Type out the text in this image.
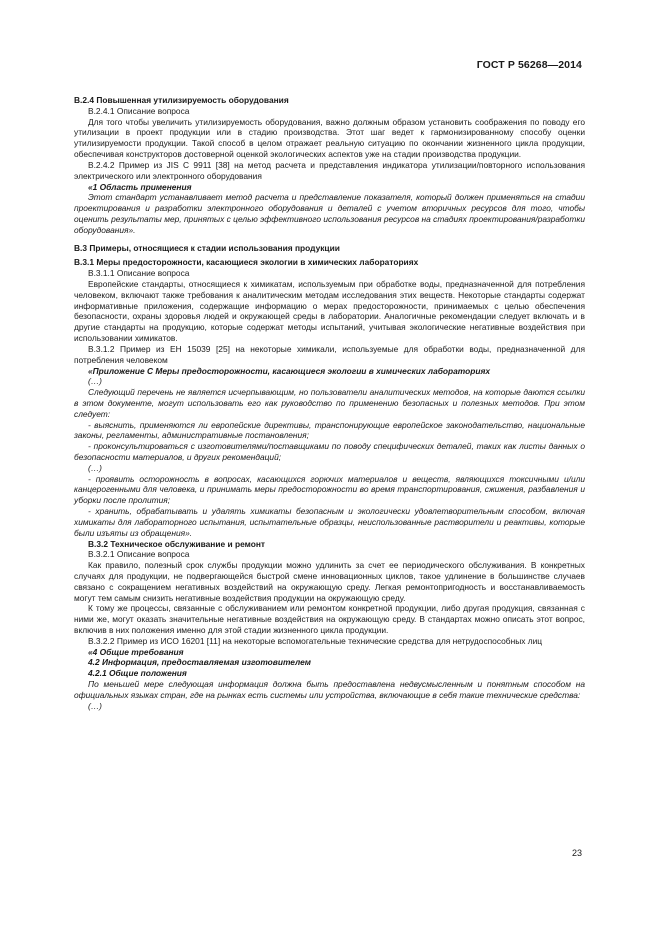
ГОСТ Р 56268—2014

В.2.4 Повышенная утилизируемость оборудования

В.2.4.1 Описание вопроса

Для того чтобы увеличить утилизируемость оборудования, важно должным образом установить соображения по поводу его утилизации в проект продукции или в стадию производства. Этот шаг ведет к гармонизированному способу оценки утилизируемости продукции. Такой способ в целом отражает реальную ситуацию по окончании жизненного цикла продукции, обеспечивая конструкторов достоверной оценкой экологических аспектов уже на стадии производства продукции.

В.2.4.2 Пример из JIS C 9911 [38] на метод расчета и представления индикатора утилизации/повторного использования электрического или электронного оборудования

«1 Область применения

Этот стандарт устанавливает метод расчета и представление показателя, который должен применяться на стадии проектирования и разработки электронного оборудования и деталей с учетом вторичных ресурсов для того, чтобы оценить результаты мер, принятых с целью эффективного использования ресурсов на стадиях проектирования/разработки оборудования».

В.3 Примеры, относящиеся к стадии использования продукции

В.3.1 Меры предосторожности, касающиеся экологии в химических лабораториях

В.3.1.1 Описание вопроса

Европейские стандарты, относящиеся к химикатам, используемым при обработке воды, предназначенной для потребления человеком, включают также требования к аналитическим методам исследования этих веществ. Некоторые стандарты содержат информативные приложения, содержащие информацию о мерах предосторожности, принимаемых с целью обеспечения безопасности, охраны здоровья людей и окружающей среды в лаборатории. Аналогичные рекомендации следует включать и в другие стандарты на продукцию, которые содержат методы испытаний, учитывая экологические негативные воздействия при использовании химикатов.

В.3.1.2 Пример из ЕН 15039 [25] на некоторые химикали, используемые для обработки воды, предназначенной для потребления человеком

«Приложение С Меры предосторожности, касающиеся экологии в химических лабораториях

(…)

Следующий перечень не является исчерпывающим, но пользователи аналитических методов, на которые даются ссылки в этом документе, могут использовать его как руководство по применению безопасных и полезных методов. При этом следует:

- выяснить, применяются ли европейские директивы, транспонирующие европейское законодательство, национальные законы, регламенты, административные постановления;

- проконсультироваться с изготовителями/поставщиками по поводу специфических деталей, таких как листы данных о безопасности материалов, и других рекомендаций;

(…)

- проявить осторожность в вопросах, касающихся горючих материалов и веществ, являющихся токсичными и/или канцерогенными для человека, и принимать меры предосторожности во время транспортирования, сжижения, разбавления и уборки после пролития;

- хранить, обрабатывать и удалять химикаты безопасным и экологически удовлетворительным способом, включая химикаты для лабораторного испытания, испытательные образцы, неиспользованные растворители и реактивы, которые были изъяты из обращения».

В.3.2 Техническое обслуживание и ремонт

В.3.2.1 Описание вопроса

Как правило, полезный срок службы продукции можно удлинить за счет ее периодического обслуживания. В конкретных случаях для продукции, не подвергающейся быстрой смене инновационных циклов, такое удлинение в большинстве случаев связано с сокращением негативных воздействий на окружающую среду. Легкая ремонтопригодность и восстанавливаемость могут тем самым снизить негативные воздействия продукции на окружающую среду.

К тому же процессы, связанные с обслуживанием или ремонтом конкретной продукции, либо другая продукция, связанная с ними же, могут оказать значительные негативные воздействия на окружающую среду. В стандартах можно описать этот вопрос, включив в них положения именно для этой стадии жизненного цикла продукции.

В.3.2.2 Пример из ИСО 16201 [11] на некоторые вспомогательные технические средства для нетрудоспособных лиц

«4 Общие требования

4.2 Информация, предоставляемая изготовителем

4.2.1 Общие положения

По меньшей мере следующая информация должна быть предоставлена недвусмысленным и понятным способом на официальных языках стран, где на рынках есть системы или устройства, включающие в себя такие технические средства:

(…)

23
